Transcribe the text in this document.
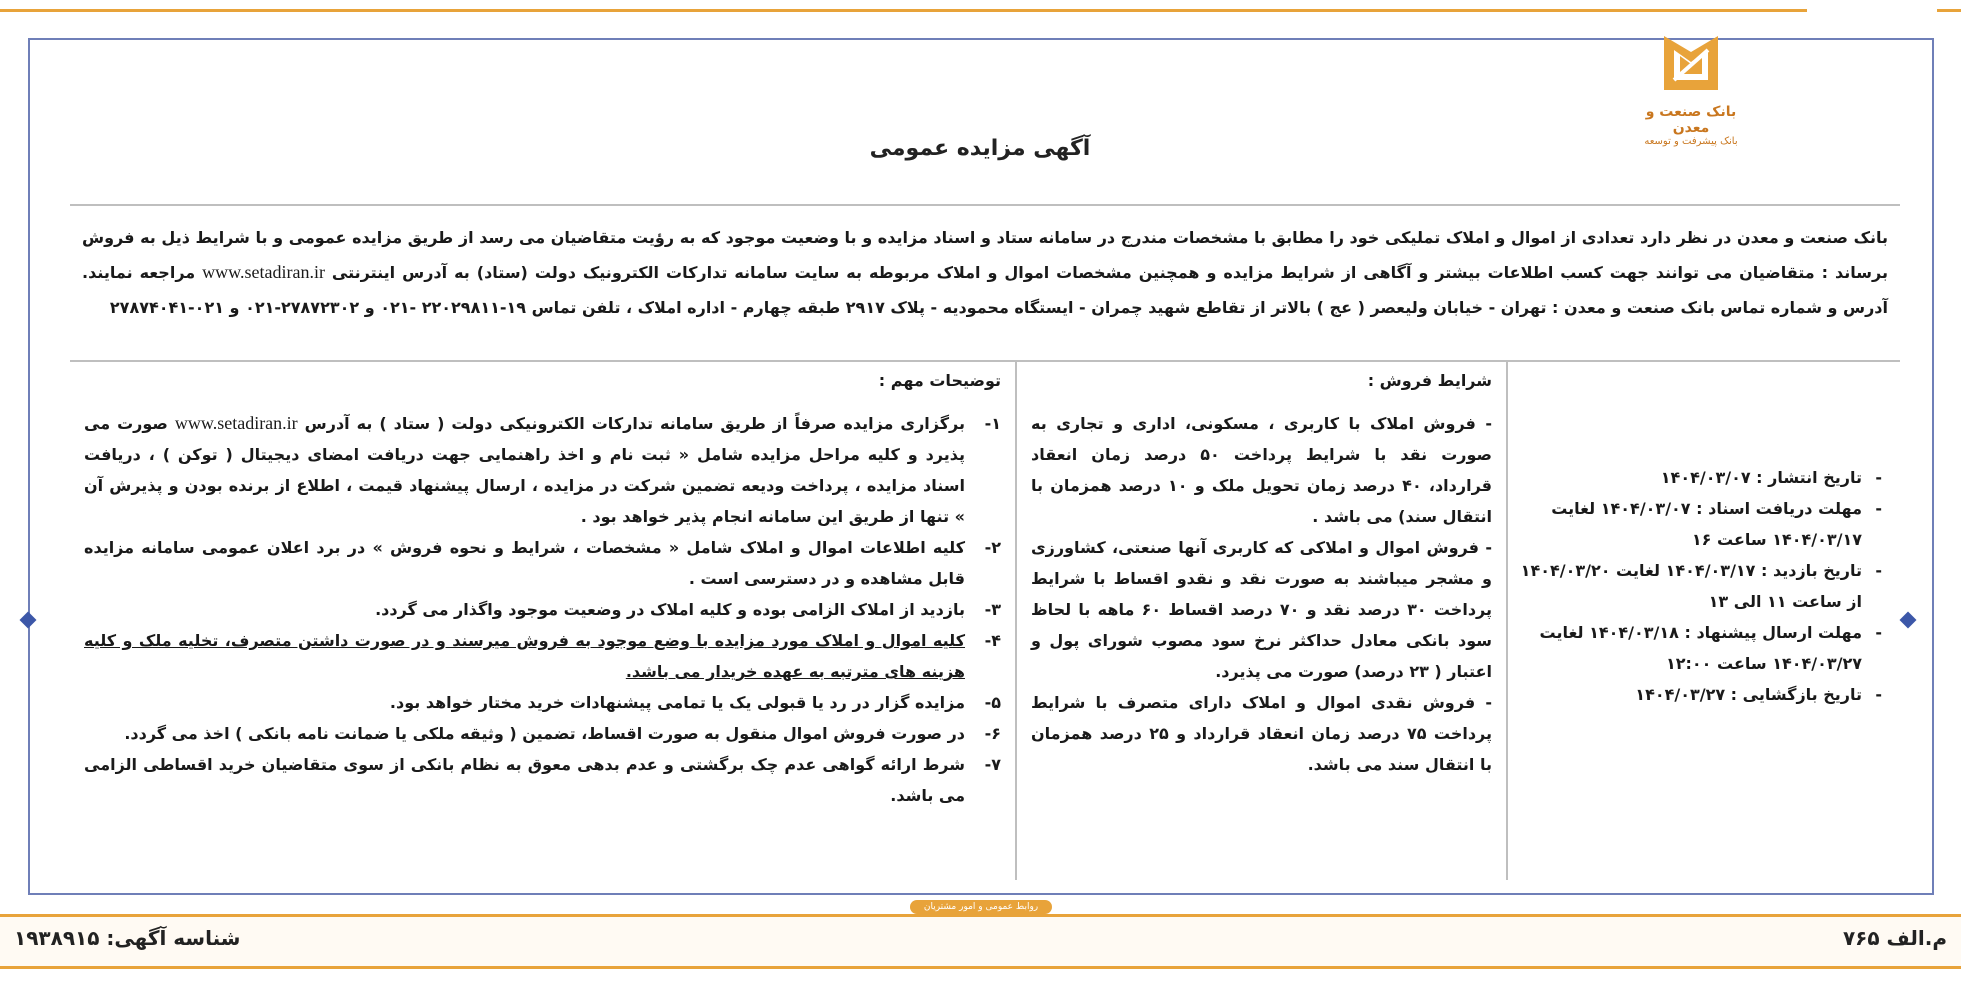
بانک صنعت و معدن
بانک پیشرفت و توسعه
آگهی مزایده عمومی
بانک صنعت و معدن در نظر دارد تعدادی از اموال و املاک تملیکی خود را مطابق با مشخصات مندرج در سامانه ستاد و اسناد مزایده و با وضعیت موجود که به رؤیت متقاضیان می رسد از طریق مزایده عمومی و با شرایط ذیل به فروش برساند : متقاضیان می توانند جهت کسب اطلاعات بیشتر و آگاهی از شرایط مزایده و همچنین مشخصات اموال و املاک مربوطه به سایت سامانه تدارکات الکترونیک دولت (ستاد) به آدرس اینترنتی www.setadiran.ir مراجعه نمایند. آدرس و شماره تماس بانک صنعت و معدن : تهران - خیابان ولیعصر ( عج ) بالاتر از تقاطع شهید چمران - ایستگاه محمودیه - پلاک ۲۹۱۷ طبقه چهارم - اداره املاک ، تلفن تماس ۱۹-۲۲۰۲۹۸۱۱ -۰۲۱ و ۲۷۸۷۲۳۰۲-۰۲۱ و ۰۲۱-۲۷۸۷۴۰۴۱
- تاریخ انتشار : ۱۴۰۴/۰۳/۰۷
- مهلت دریافت اسناد : ۱۴۰۴/۰۳/۰۷ لغایت ۱۴۰۴/۰۳/۱۷ ساعت ۱۶
- تاریخ بازدید : ۱۴۰۴/۰۳/۱۷ لغایت ۱۴۰۴/۰۳/۲۰ از ساعت ۱۱ الی ۱۳
- مهلت ارسال پیشنهاد : ۱۴۰۴/۰۳/۱۸ لغایت ۱۴۰۴/۰۳/۲۷ ساعت ۱۲:۰۰
- تاریخ بازگشایی : ۱۴۰۴/۰۳/۲۷
شرایط فروش :

- فروش املاک با کاربری ، مسکونی، اداری و تجاری به صورت نقد با شرایط پرداخت ۵۰ درصد زمان انعقاد قرارداد، ۴۰ درصد زمان تحویل ملک و ۱۰ درصد همزمان با انتقال سند) می باشد .

- فروش اموال و املاکی که کاربری آنها صنعتی، کشاورزی و مشجر میباشند به صورت نقد و نقدو اقساط با شرایط پرداخت ۳۰ درصد نقد و ۷۰ درصد اقساط ۶۰ ماهه با لحاظ سود بانکی معادل حداکثر نرخ سود مصوب شورای پول و اعتبار ( ۲۳ درصد) صورت می پذیرد.

- فروش نقدی اموال و املاک دارای متصرف با شرایط پرداخت ۷۵ درصد زمان انعقاد قرارداد و ۲۵ درصد همزمان با انتقال سند می باشد.

توضیحات مهم :
۱-
برگزاری مزایده صرفاً از طریق سامانه تدارکات الکترونیکی دولت ( ستاد ) به آدرس www.setadiran.ir صورت می پذیرد و کلیه مراحل مزایده شامل « ثبت نام و اخذ راهنمایی جهت دریافت امضای دیجیتال ( توکن ) ، دریافت اسناد مزایده ، پرداخت ودیعه تضمین شرکت در مزایده ، ارسال پیشنهاد قیمت ، اطلاع از برنده بودن و پذیرش آن » تنها از طریق این سامانه انجام پذیر خواهد بود .
۲-
کلیه اطلاعات اموال و املاک شامل « مشخصات ، شرایط و نحوه فروش » در برد اعلان عمومی سامانه مزایده قابل مشاهده و در دسترسی است .
۳-
بازدید از املاک الزامی بوده و کلیه املاک در وضعیت موجود واگذار می گردد.
۴-
کلیه اموال و املاک مورد مزایده با وضع موجود به فروش میرسند و در صورت داشتن متصرف، تخلیه ملک و کلیه هزینه های مترتبه به عهده خریدار می باشد.
۵-
مزایده گزار در رد یا قبولی یک یا تمامی پیشنهادات خرید مختار خواهد بود.
۶-
در صورت فروش اموال منقول به صورت اقساط، تضمین ( وثیقه ملکی یا ضمانت نامه بانکی ) اخذ می گردد.
۷-
شرط ارائه گواهی عدم چک برگشتی و عدم بدهی معوق به نظام بانکی از سوی متقاضیان خرید اقساطی الزامی می باشد.
روابط عمومی و امور مشتریان
شناسه آگهی: ۱۹۳۸۹۱۵	م.الف ۷۶۵
